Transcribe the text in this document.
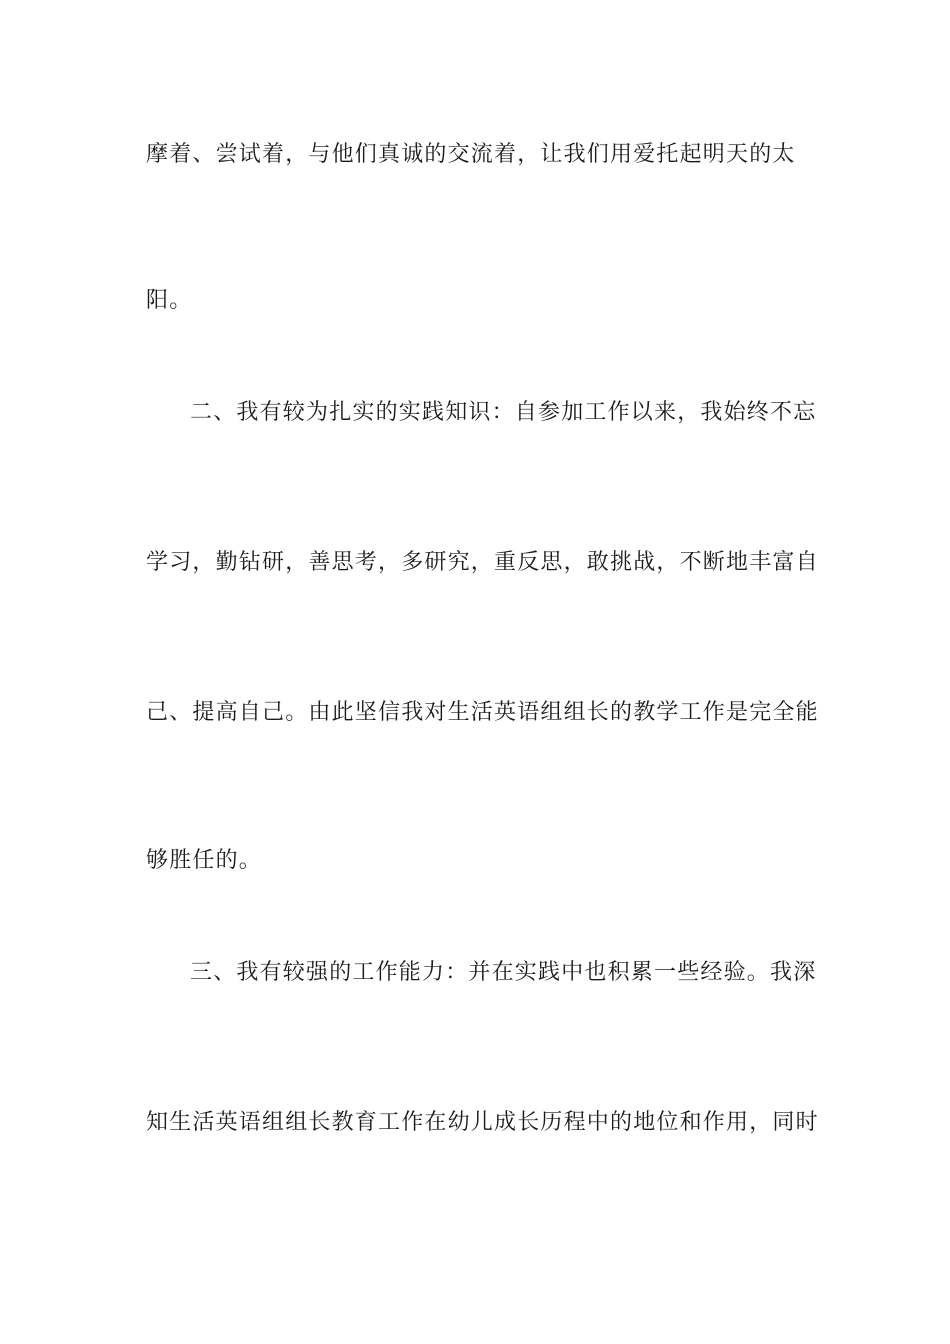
摩着、尝试着，与他们真诚的交流着，让我们用爱托起明天的太
阳。
二、我有较为扎实的实践知识：自参加工作以来，我始终不忘
学习，勤钻研，善思考，多研究，重反思，敢挑战，不断地丰富自
己、提高自己。由此坚信我对生活英语组组长的教学工作是完全能
够胜任的。
三、我有较强的工作能力：并在实践中也积累一些经验。我深
知生活英语组组长教育工作在幼儿成长历程中的地位和作用，同时
